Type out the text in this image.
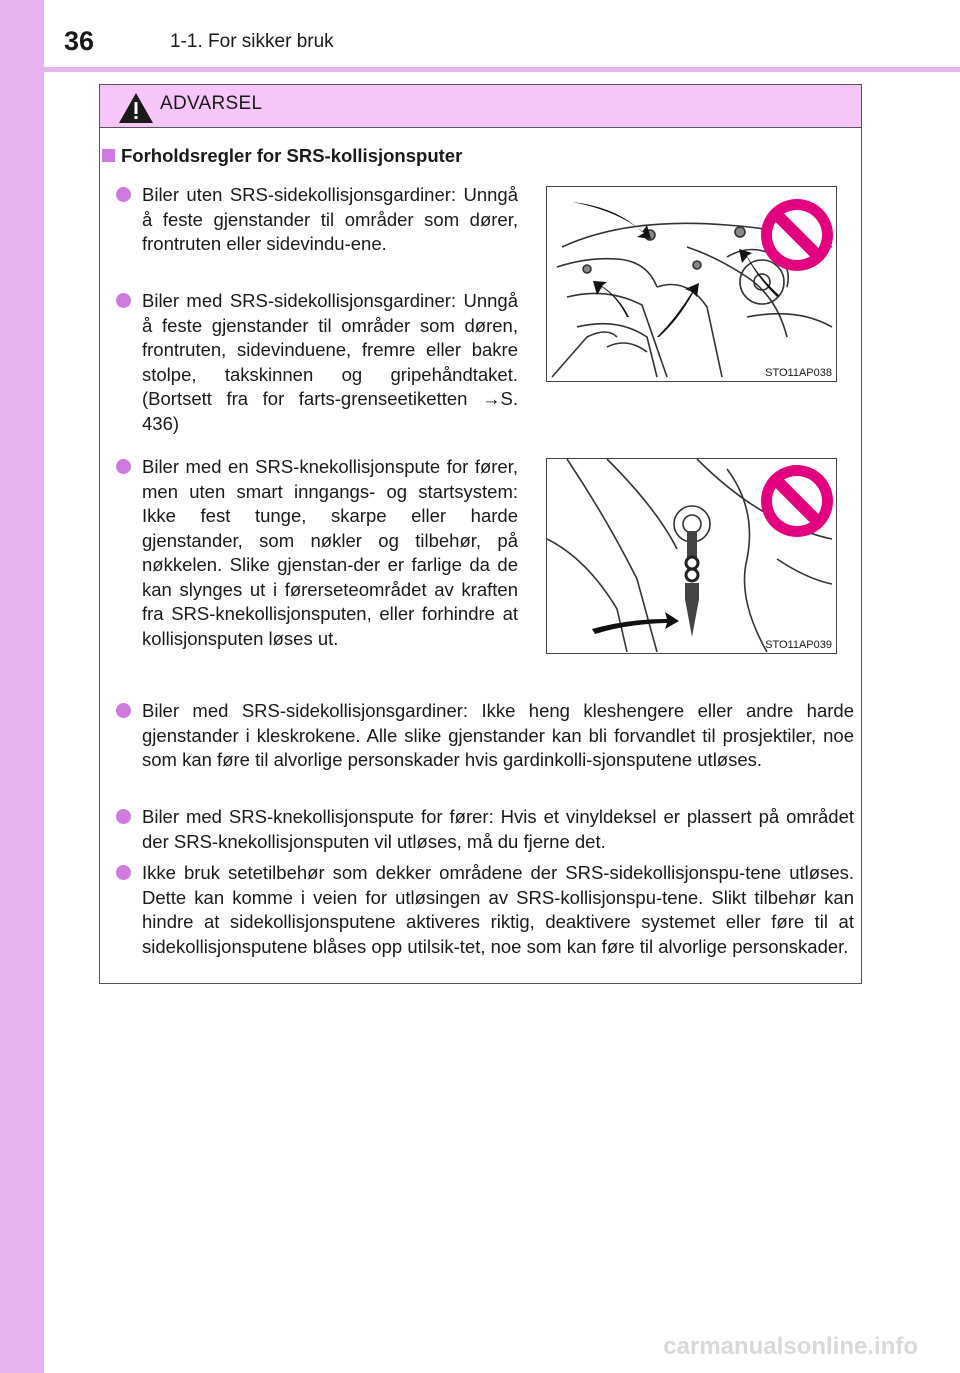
36	1-1. For sikker bruk
ADVARSEL
Forholdsregler for SRS-kollisjonsputer
Biler uten SRS-sidekollisjonsgardiner: Unngå å feste gjenstander til områder som dører, frontruten eller sidevindu-ene.
Biler med SRS-sidekollisjonsgardiner: Unngå å feste gjenstander til områder som døren, frontruten, sidevinduene, fremre eller bakre stolpe, takskinnen og gripehåndtaket. (Bortsett fra for farts-grenseetiketten →S. 436)
STO11AP038
Biler med en SRS-knekollisjonspute for fører, men uten smart inngangs- og startsystem: Ikke fest tunge, skarpe eller harde gjenstander, som nøkler og tilbehør, på nøkkelen. Slike gjenstan-der er farlige da de kan slynges ut i førerseteområdet av kraften fra SRS-knekollisjonsputen, eller forhindre at kollisjonsputen løses ut.	STO11AP039
Biler med SRS-sidekollisjonsgardiner: Ikke heng kleshengere eller andre harde gjenstander i kleskrokene. Alle slike gjenstander kan bli forvandlet til prosjektiler, noe som kan føre til alvorlige personskader hvis gardinkolli-sjonsputene utløses.
Biler med SRS-knekollisjonspute for fører: Hvis et vinyldeksel er plassert på området der SRS-knekollisjonsputen vil utløses, må du fjerne det.
Ikke bruk setetilbehør som dekker områdene der SRS-sidekollisjonspu-tene utløses. Dette kan komme i veien for utløsingen av SRS-kollisjonspu-tene. Slikt tilbehør kan hindre at sidekollisjonsputene aktiveres riktig, deaktivere systemet eller føre til at sidekollisjonsputene blåses opp utilsik-tet, noe som kan føre til alvorlige personskader.
carmanualsonline.info
